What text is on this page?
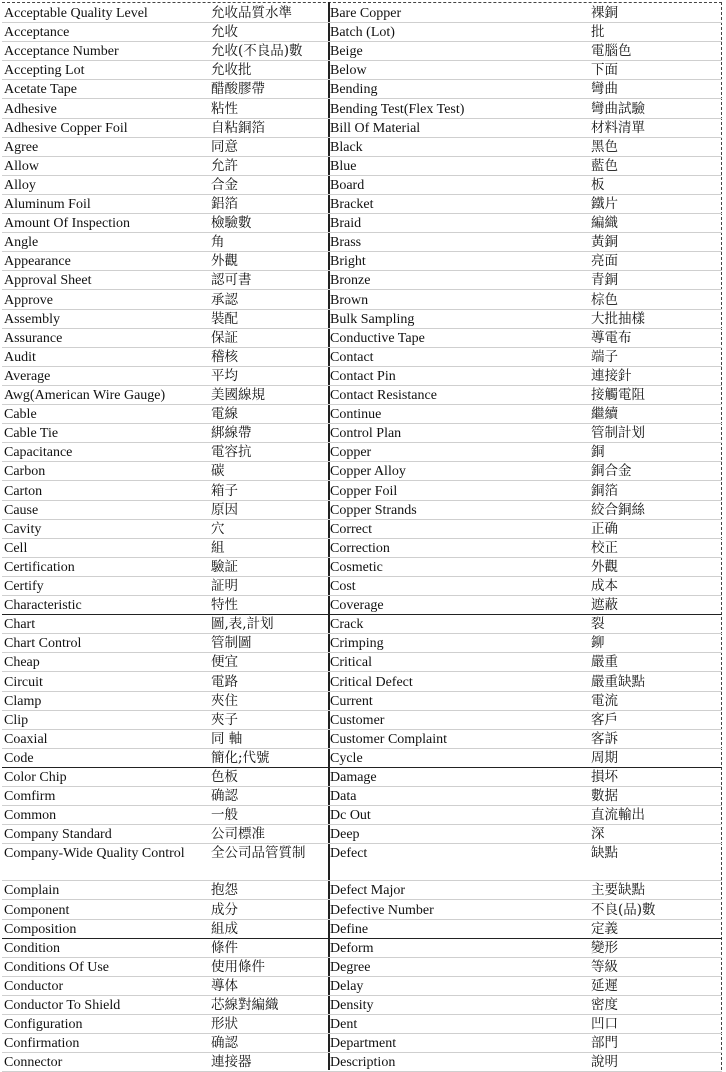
Acceptable Quality Level	允收品質水準	Bare Copper	裸銅
Acceptance	允收	Batch (Lot)	批
Acceptance Number	允收(不良品)數	Beige	電腦色
Accepting Lot	允收批	Below	下面
Acetate Tape	醋酸膠帶	Bending	彎曲
Adhesive	粘性	Bending Test(Flex Test)	彎曲試驗
Adhesive Copper Foil	自粘銅箔	Bill Of Material	材料清單
Agree	同意	Black	黑色
Allow	允許	Blue	藍色
Alloy	合金	Board	板
Aluminum Foil	鋁箔	Bracket	鐵片
Amount Of Inspection	檢驗數	Braid	編織
Angle	角	Brass	黃銅
Appearance	外觀	Bright	亮面
Approval Sheet	認可書	Bronze	青銅
Approve	承認	Brown	棕色
Assembly	裝配	Bulk Sampling	大批抽樣
Assurance	保証	Conductive Tape	導電布
Audit	稽核	Contact	端子
Average	平均	Contact Pin	連接針
Awg(American Wire Gauge)	美國線規	Contact Resistance	接觸電阻
Cable	電線	Continue	繼續
Cable Tie	綁線帶	Control Plan	管制計划
Capacitance	電容抗	Copper	銅
Carbon	碳	Copper Alloy	銅合金
Carton	箱子	Copper Foil	銅箔
Cause	原因	Copper Strands	絞合銅絲
Cavity	穴	Correct	正确
Cell	組	Correction	校正
Certification	驗証	Cosmetic	外觀
Certify	証明	Cost	成本
Characteristic	特性	Coverage	遮蔽
Chart	圖,表,計划	Crack	裂
Chart Control	管制圖	Crimping	鉚
Cheap	便宜	Critical	嚴重
Circuit	電路	Critical Defect	嚴重缺點
Clamp	夾住	Current	電流
Clip	夾子	Customer	客戶
Coaxial	同 軸	Customer Complaint	客訴
Code	簡化;代號	Cycle	周期
Color Chip	色板	Damage	損坏
Comfirm	确認	Data	數据
Common	一般	Dc Out	直流輸出
Company Standard	公司標准	Deep	深
Company-Wide Quality Control	全公司品管質制	Defect	缺點
Complain	抱怨	Defect Major	主要缺點
Component	成分	Defective Number	不良(品)數
Composition	組成	Define	定義
Condition	條件	Deform	變形
Conditions Of Use	使用條件	Degree	等級
Conductor	導体	Delay	延遲
Conductor To Shield	芯線對編織	Density	密度
Configuration	形狀	Dent	凹口
Confirmation	确認	Department	部門
Connector	連接器	Description	說明
